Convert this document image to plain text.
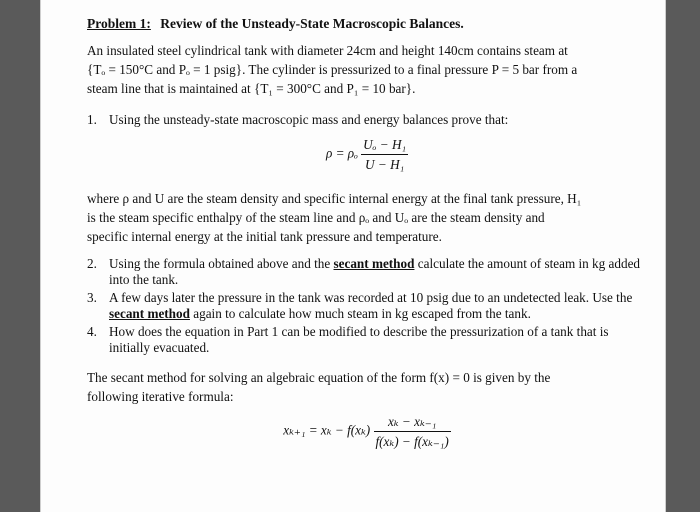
Problem 1: Review of the Unsteady-State Macroscopic Balances.

An insulated steel cylindrical tank with diameter 24cm and height 140cm contains steam at

{Tₒ = 150°C and Pₒ = 1 psig}. The cylinder is pressurized to a final pressure P = 5 bar from a

steam line that is maintained at {T₁ = 300°C and P₁ = 10 bar}.

1. Using the unsteady-state macroscopic mass and energy balances prove that:
ρ = ρₒ $\frac{\text{Uₒ − H₁}}{\text{U − H₁}}$

where ρ and U are the steam density and specific internal energy at the final tank pressure, H₁

is the steam specific enthalpy of the steam line and ρₒ and Uₒ are the steam density and

specific internal energy at the initial tank pressure and temperature.

2. Using the formula obtained above and the secant method calculate the amount of steam in kg added into the tank.
3. A few days later the pressure in the tank was recorded at 10 psig due to an undetected leak. Use the secant method again to calculate how much steam in kg escaped from the tank.
4. How does the equation in Part 1 can be modified to describe the pressurization of a tank that is initially evacuated.

The secant method for solving an algebraic equation of the form f(x) = 0 is given by the

following iterative formula:

$x_{k+1} = x_k - f(x_k) \frac{\text{xₖ − xₖ₋₁}}{\text{f(xₖ) − f(xₖ₋₁)}}$
